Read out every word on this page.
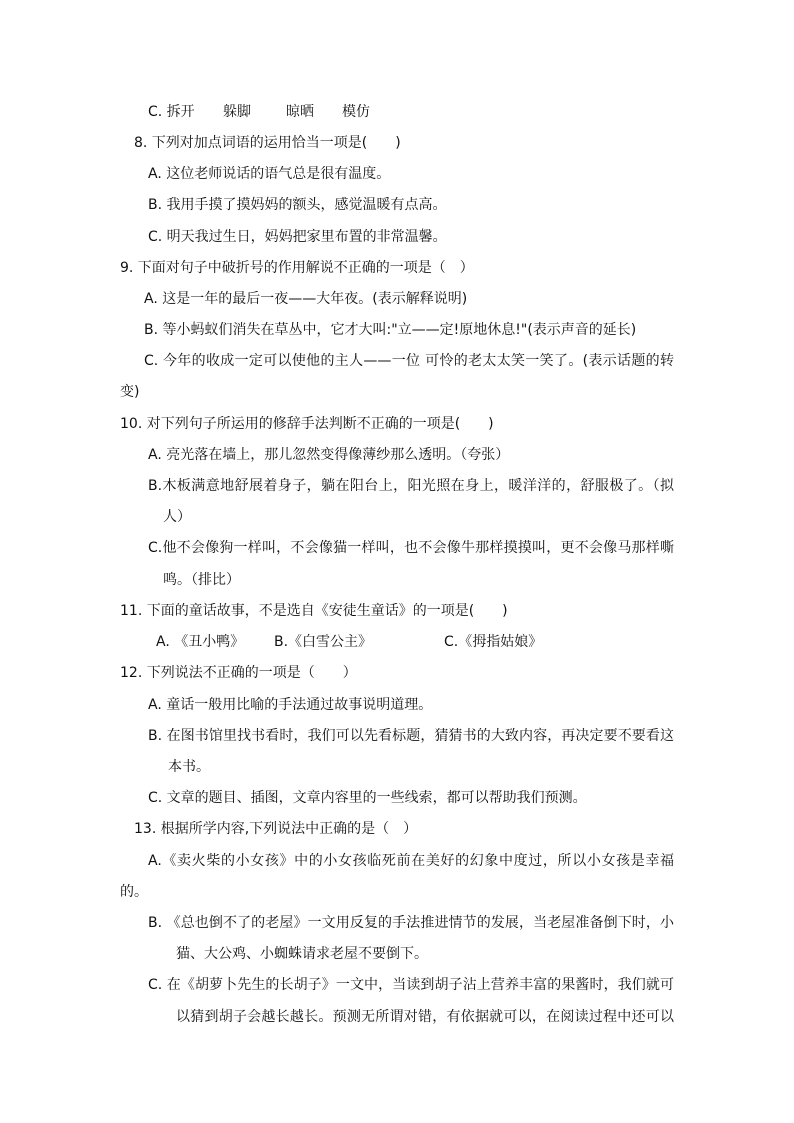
C. 拆开 躲脚	晾晒 模仿
8. 下列对加点词语的运用恰当一项是(　　)
A. 这位老师说话的语气总是很有温度。
B. 我用手摸了摸妈妈的额头，感觉温暖有点高。
C. 明天我过生日，妈妈把家里布置的非常温馨。
9. 下面对句子中破折号的作用解说不正确的一项是（　）
A. 这是一年的最后一夜——大年夜。(表示解释说明)
B. 等小蚂蚁们消失在草丛中，它才大叫:"立——定!原地休息!"(表示声音的延长)
C. 今年的收成一定可以使他的主人——一位 可怜的老太太笑一笑了。(表示话题的转
变)
10. 对下列句子所运用的修辞手法判断不正确的一项是(　　)
A. 亮光落在墙上，那儿忽然变得像薄纱那么透明。（夸张）
B.木板满意地舒展着身子，躺在阳台上，阳光照在身上，暖洋洋的，舒服极了。（拟
人）
C.他不会像狗一样叫，不会像猫一样叫，也不会像牛那样摸摸叫，更不会像马那样嘶
鸣。（排比）
11. 下面的童话故事，不是选自《安徒生童话》的一项是(　　)
A. 《丑小鸭》 B.《白雪公主》	C.《拇指姑娘》
12. 下列说法不正确的一项是（　　）
A. 童话一般用比喻的手法通过故事说明道理。
B. 在图书馆里找书看时，我们可以先看标题，猜猜书的大致内容，再决定要不要看这
本书。
C. 文章的题目、插图，文章内容里的一些线索，都可以帮助我们预测。
13. 根据所学内容,下列说法中正确的是（　）
A.《卖火柴的小女孩》中的小女孩临死前在美好的幻象中度过，所以小女孩是幸福
的。
B. 《总也倒不了的老屋》一文用反复的手法推进情节的发展，当老屋准备倒下时，小
猫、大公鸡、小蜘蛛请求老屋不要倒下。
C. 在《胡萝卜先生的长胡子》一文中，当读到胡子沾上营养丰富的果酱时，我们就可
以猜到胡子会越长越长。预测无所谓对错，有依据就可以，在阅读过程中还可以
